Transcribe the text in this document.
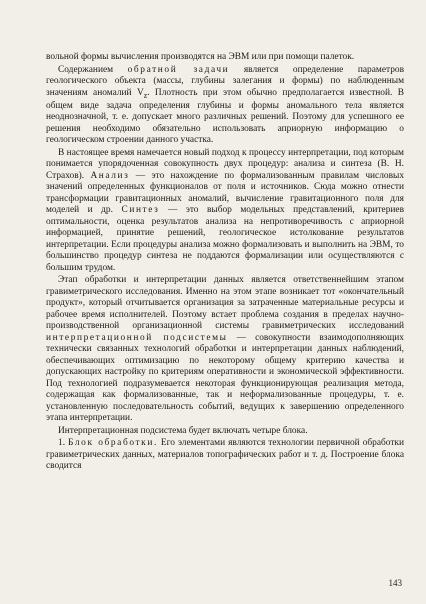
вольной формы вычисления производятся на ЭВМ или при помощи палеток.

Содержанием обратной задачи является определение параметров геологического объекта (массы, глубины залегания и формы) по наблюденным значениям аномалий $V_z$. Плотность при этом обычно предполагается известной. В общем виде задача определения глубины и формы аномального тела является неоднозначной, т. е. допускает много различных решений. Поэтому для успешного ее решения необходимо обязательно использовать априорную информацию о геологическом строении данного участка.

В настоящее время намечается новый подход к процессу интерпретации, под которым понимается упорядоченная совокупность двух процедур: анализа и синтеза (В. Н. Страхов). Анализ — это нахождение по формализованным правилам числовых значений определенных функционалов от поля и источников. Сюда можно отнести трансформации гравитационных аномалий, вычисление гравитационного поля для моделей и др. Синтез — это выбор модельных представлений, критериев оптимальности, оценка результатов анализа на непротиворечивость с априорной информацией, принятие решений, геологическое истолкование результатов интерпретации. Если процедуры анализа можно формализовать и выполнить на ЭВМ, то большинство процедур синтеза не поддаются формализации или осуществляются с большим трудом.

Этап обработки и интерпретации данных является ответственнейшим этапом гравиметрического исследования. Именно на этом этапе возникает тот «окончательный продукт», который отчитывается организация за затраченные материальные ресурсы и рабочее время исполнителей. Поэтому встает проблема создания в пределах научно-производственной организационной системы гравиметрических исследований интерпретационной подсистемы — совокупности взаимодополняющих технически связанных технологий обработки и интерпретации данных наблюдений, обеспечивающих оптимизацию по некоторому общему критерию качества и допускающих настройку по критериям оперативности и экономической эффективности. Под технологией подразумевается некоторая функционирующая реализация метода, содержащая как формализованные, так и неформализованные процедуры, т. е. установленную последовательность событий, ведущих к завершению определенного этапа интерпретации.

Интерпретационная подсистема будет включать четыре блока.

1. Блок обработки. Его элементами являются технологии первичной обработки гравиметрических данных, материалов топографических работ и т. д. Построение блока сводится

143
